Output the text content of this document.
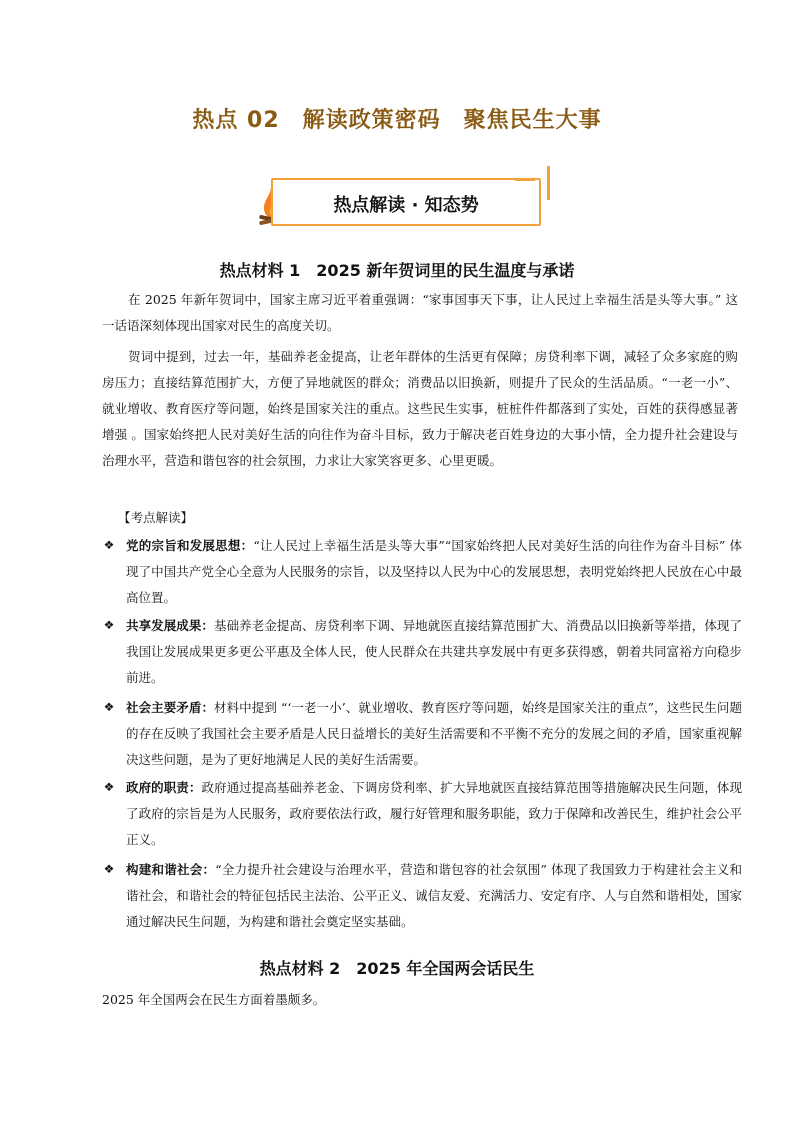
热点 02　解读政策密码　聚焦民生大事
热点解读 · 知态势
热点材料 1　2025 新年贺词里的民生温度与承诺

在 2025 年新年贺词中，国家主席习近平着重强调：“家事国事天下事，让人民过上幸福生活是头等大事。” 这一话语深刻体现出国家对民生的高度关切。

贺词中提到，过去一年，基础养老金提高，让老年群体的生活更有保障；房贷利率下调，减轻了众多家庭的购房压力；直接结算范围扩大，方便了异地就医的群众；消费品以旧换新，则提升了民众的生活品质。“一老一小”、就业增收、教育医疗等问题，始终是国家关注的重点。这些民生实事，桩桩件件都落到了实处，百姓的获得感显著增强 。国家始终把人民对美好生活的向往作为奋斗目标，致力于解决老百姓身边的大事小情，全力提升社会建设与治理水平，营造和谐包容的社会氛围，力求让大家笑容更多、心里更暖。

【考点解读】
❖ 党的宗旨和发展思想：“让人民过上幸福生活是头等大事”“国家始终把人民对美好生活的向往作为奋斗目标” 体现了中国共产党全心全意为人民服务的宗旨，以及坚持以人民为中心的发展思想，表明党始终把人民放在心中最高位置。
❖ 共享发展成果：基础养老金提高、房贷利率下调、异地就医直接结算范围扩大、消费品以旧换新等举措，体现了我国让发展成果更多更公平惠及全体人民，使人民群众在共建共享发展中有更多获得感，朝着共同富裕方向稳步前进。
❖ 社会主要矛盾：材料中提到 “‘一老一小’、就业增收、教育医疗等问题，始终是国家关注的重点”，这些民生问题的存在反映了我国社会主要矛盾是人民日益增长的美好生活需要和不平衡不充分的发展之间的矛盾，国家重视解决这些问题，是为了更好地满足人民的美好生活需要。
❖ 政府的职责：政府通过提高基础养老金、下调房贷利率、扩大异地就医直接结算范围等措施解决民生问题，体现了政府的宗旨是为人民服务，政府要依法行政，履行好管理和服务职能，致力于保障和改善民生，维护社会公平正义。
❖ 构建和谐社会：“全力提升社会建设与治理水平，营造和谐包容的社会氛围” 体现了我国致力于构建社会主义和谐社会，和谐社会的特征包括民主法治、公平正义、诚信友爱、充满活力、安定有序、人与自然和谐相处，国家通过解决民生问题，为构建和谐社会奠定坚实基础。
热点材料 2　2025 年全国两会话民生
2025 年全国两会在民生方面着墨颇多。
